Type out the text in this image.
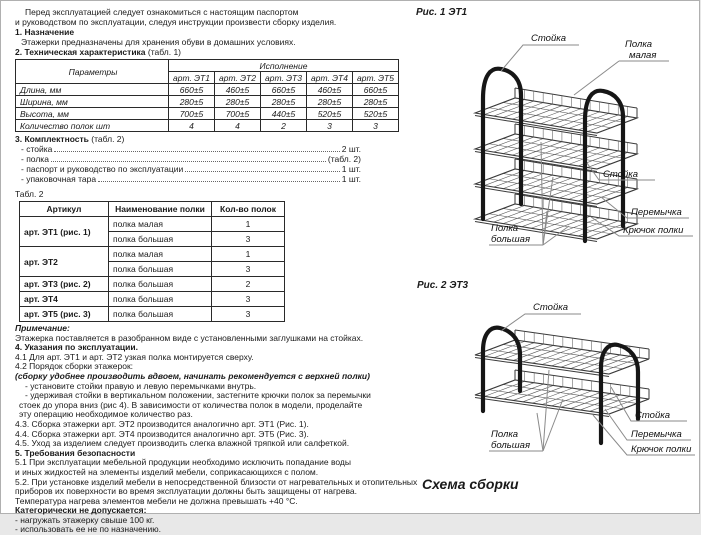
Перед эксплуатацией следует ознакомиться с настоящим паспортом
и руководством по эксплуатации, следуя инструкции произвести сборку изделия.
1. Назначение
Этажерки предназначены для хранения обуви в домашних условиях.
2. Техническая характеристика (табл. 1)
Параметры	Исполнение				
	арт. ЭТ1	арт. ЭТ2	арт. ЭТ3	арт. ЭТ4	арт. ЭТ5
Длина, мм	660±5	460±5	660±5	460±5	660±5
Ширина, мм	280±5	280±5	280±5	280±5	280±5
Высота, мм	700±5	700±5	440±5	520±5	520±5
Количество полок шт	4	4	2	3	3
3. Комплектность (табл. 2)
- стойка	2 шт.
- полка	(табл. 2)
- паспорт и руководство по эксплуатации	1 шт.
- упаковочная тара	1 шт.
Табл. 2
Артикул	Наименование полки	Кол-во полок
арт. ЭТ1 (рис. 1)	полка малая	1
	полка большая	3
арт. ЭТ2	полка малая	1
	полка большая	3
арт. ЭТ3 (рис. 2)	полка большая	2
арт. ЭТ4	полка большая	3
арт. ЭТ5 (рис. 3)	полка большая	3
Примечание:
Этажерка поставляется в разобранном виде с установленными заглушками на стойках.
4. Указания по эксплуатации.
4.1 Для арт. ЭТ1 и арт. ЭТ2 узкая полка монтируется сверху.
4.2 Порядок сборки этажерок:
(сборку удобнее производить вдвоем, начинать рекомендуется с верхней полки)
- установите стойки правую и левую перемычками внутрь.
- удерживая стойки в вертикальном положении, застегните крючки полок за перемычки
стоек до упора вниз (рис 4). В зависимости от количества полок в модели, проделайте
эту операцию необходимое количество раз.
4.3. Сборка этажерки арт. ЭТ2 производится аналогично арт. ЭТ1 (Рис. 1).
4.4. Сборка этажерки арт. ЭТ4 производится аналогично арт. ЭТ5 (Рис. 3).
4.5. Уход за изделием следует производить слегка влажной тряпкой или салфеткой.
5. Требования безопасности
5.1 При эксплуатации мебельной продукции необходимо исключить попадание воды
и иных жидкостей на элементы изделий мебели, соприкасающихся с полом.
5.2. При установке изделий мебели в непосредственной близости от нагревательных и отопительных
приборов их поверхности во время эксплуатации должны быть защищены от нагрева.
Температура нагрева элементов мебели не должна превышать +40 °C.
Категорически не допускается:
- нагружать этажерку свыше 100 кг.
- использовать ее не по назначению.
Рис. 1 ЭТ1
Стойка
Полка
малая
Стойка
Перемычка
Крючок полки
Полка
большая
Рис. 2 ЭТ3
Стойка
Стойка
Перемычка
Крючок полки
Полка
большая
Схема сборки
